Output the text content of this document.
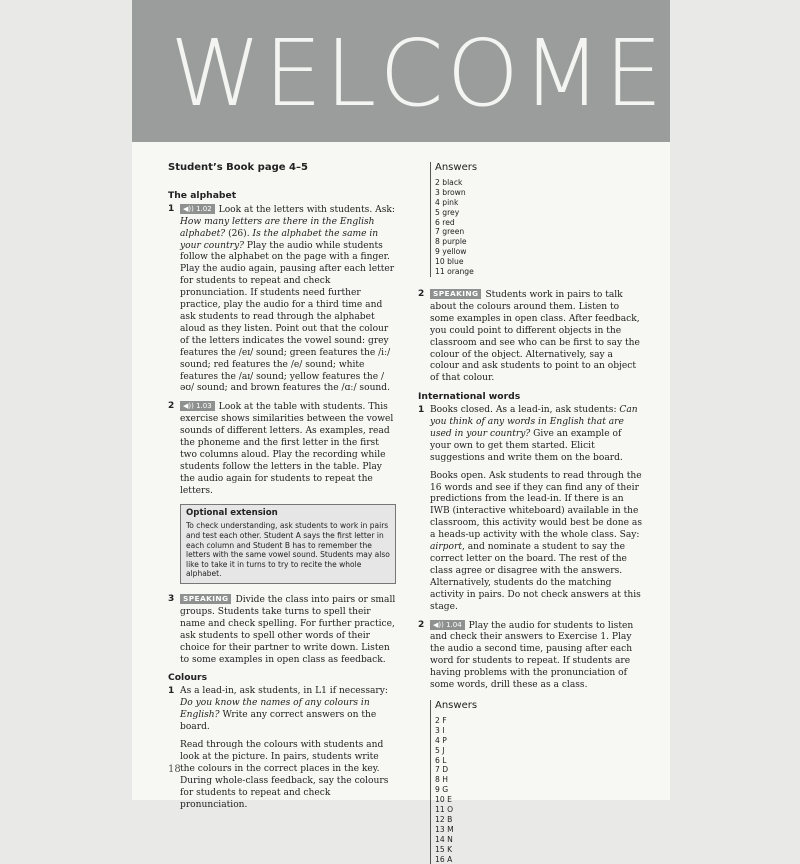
WELCOME
Student’s Book page 4–5
The alphabet
1	◀)) 1.02 Look at the letters with students. Ask: How many letters are there in the English alphabet? (26). Is the alphabet the same in your country? Play the audio while students follow the alphabet on the page with a finger. Play the audio again, pausing after each letter for students to repeat and check pronunciation. If students need further practice, play the audio for a third time and ask students to read through the alphabet aloud as they listen. Point out that the colour of the letters indicates the vowel sound: grey features the /eɪ/ sound; green features the /iː/ sound; red features the /e/ sound; white features the /aɪ/ sound; yellow features the /əʊ/ sound; and brown features the /ɑː/ sound.

2	◀)) 1.03 Look at the table with students. This exercise shows similarities between the vowel sounds of different letters. As examples, read the phoneme and the first letter in the first two columns aloud. Play the recording while students follow the letters in the table. Play the audio again for students to repeat the letters.

Optional extension
To check understanding, ask students to work in pairs and test each other. Student A says the first letter in each column and Student B has to remember the letters with the same vowel sound. Students may also like to take it in turns to try to recite the whole alphabet.
3	SPEAKING Divide the class into pairs or small groups. Students take turns to spell their name and check spelling. For further practice, ask students to spell other words of their choice for their partner to write down. Listen to some examples in open class as feedback.

Colours
1 As a lead-in, ask students, in L1 if necessary: Do you know the names of any colours in English? Write any correct answers on the board.

Read through the colours with students and look at the picture. In pairs, students write the colours in the correct places in the key. During whole-class feedback, say the colours for students to repeat and check pronunciation.

Answers
2 black
3 brown
4 pink
5 grey
6 red
7 green
8 purple
9 yellow
10 blue
11 orange
2	SPEAKING Students work in pairs to talk about the colours around them. Listen to some examples in open class. After feedback, you could point to different objects in the classroom and see who can be first to say the colour of the object. Alternatively, say a colour and ask students to point to an object of that colour.

International words
1 Books closed. As a lead-in, ask students: Can you think of any words in English that are used in your country? Give an example of your own to get them started. Elicit suggestions and write them on the board.

Books open. Ask students to read through the 16 words and see if they can find any of their predictions from the lead-in. If there is an IWB (interactive whiteboard) available in the classroom, this activity would best be done as a heads-up activity with the whole class. Say: airport, and nominate a student to say the correct letter on the board. The rest of the class agree or disagree with the answers. Alternatively, students do the matching activity in pairs. Do not check answers at this stage.

2	◀)) 1.04 Play the audio for students to listen and check their answers to Exercise 1. Play the audio a second time, pausing after each word for students to repeat. If students are having problems with the pronunciation of some words, drill these as a class.

Answers
2 F
3 I
4 P
5 J
6 L
7 D
8 H
9 G
10 E
11 O
12 B
13 M
14 N
15 K
16 A
18
